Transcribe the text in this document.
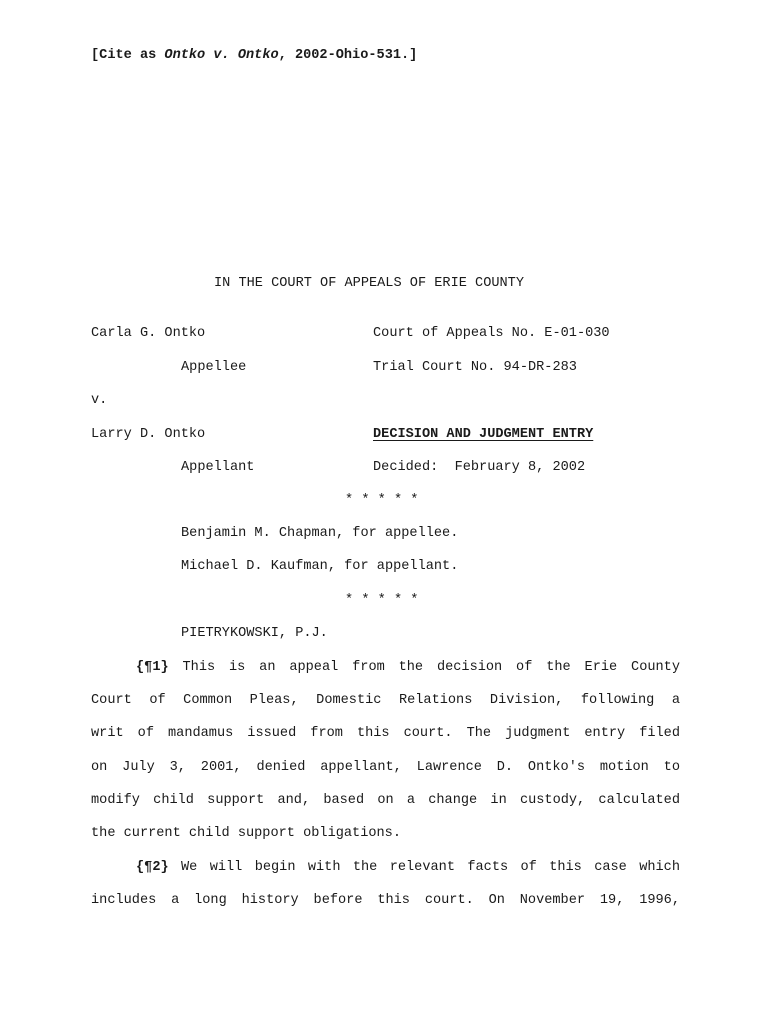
[Cite as Ontko v. Ontko, 2002-Ohio-531.]
IN THE COURT OF APPEALS OF ERIE COUNTY
Carla G. Ontko	Court of Appeals No. E-01-030
Appellee	Trial Court No. 94-DR-283
v.
Larry D. Ontko	DECISION AND JUDGMENT ENTRY
Appellant	Decided:  February 8, 2002
* * * * *
Benjamin M. Chapman, for appellee.
Michael D. Kaufman, for appellant.
* * * * *
PIETRYKOWSKI, P.J.
{¶1} This is an appeal from the decision of the Erie County
Court of Common Pleas, Domestic Relations Division, following a
writ of mandamus issued from this court. The judgment entry filed
on July 3, 2001, denied appellant, Lawrence D. Ontko's motion to
modify child support and, based on a change in custody, calculated
the current child support obligations.
{¶2} We will begin with the relevant facts of this case which
includes a long history before this court. On November 19, 1996,
